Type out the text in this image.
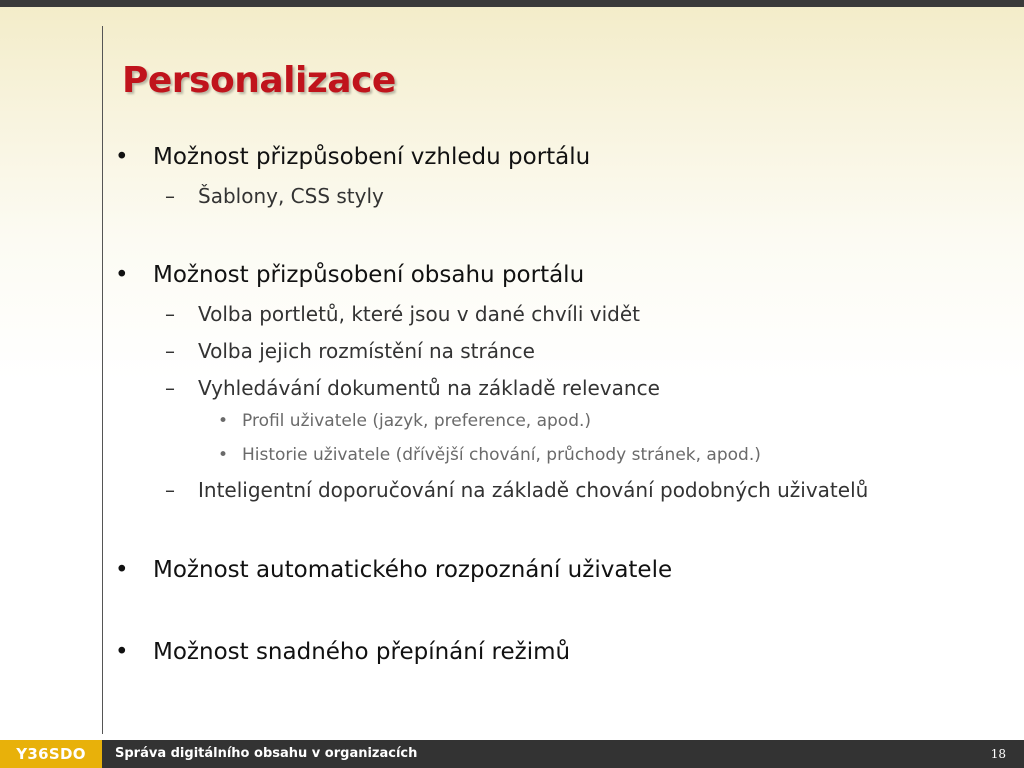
Personalizace
• Možnost přizpůsobení vzhledu portálu
– Šablony, CSS styly
• Možnost přizpůsobení obsahu portálu
– Volba portletů, které jsou v dané chvíli vidět
– Volba jejich rozmístění na stránce
– Vyhledávání dokumentů na základě relevance
• Profil uživatele (jazyk, preference, apod.)
• Historie uživatele (dřívější chování, průchody stránek, apod.)
– Inteligentní doporučování na základě chování podobných uživatelů
• Možnost automatického rozpoznání uživatele
• Možnost snadného přepínání režimů
Y36SDO	Správa digitálního obsahu v organizacích	18
